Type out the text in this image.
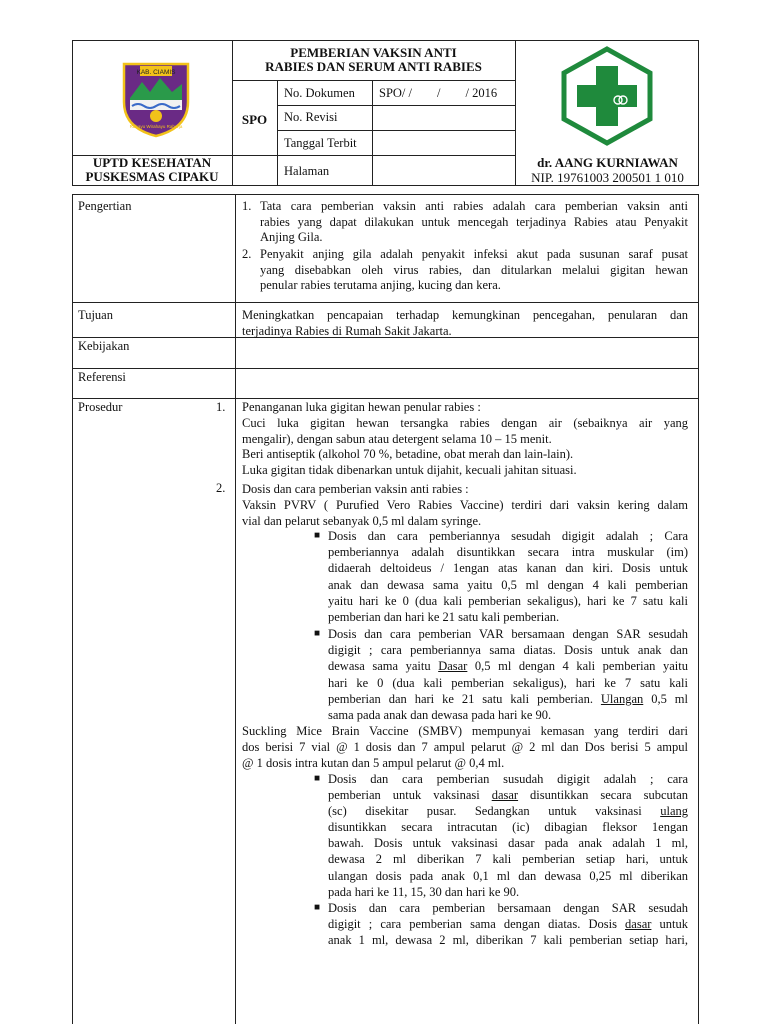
KAB. CIAMIS
Rahayu Wirahayu Raharja
PEMBERIAN VAKSIN ANTI
RABIES DAN SERUM ANTI RABIES
SPO
No. Dokumen SPO/ /        /        / 2016
No. Revisi
Tanggal Terbit
Halaman
UPTD KESEHATAN
PUSKESMAS CIPAKU
dr. AANG KURNIAWAN
NIP. 19761003 200501 1 010
Pengertian	1. Tata cara pemberian vaksin anti rabies adalah cara pemberian vaksin anti
rabies yang dapat dilakukan untuk mencegah terjadinya Rabies atau Penyakit
Anjing Gila.
2. Penyakit anjing gila adalah penyakit infeksi akut pada susunan saraf pusat
yang disebabkan oleh virus rabies, dan ditularkan melalui gigitan hewan
penular rabies terutama anjing, kucing dan kera.
Tujuan	Meningkatkan pencapaian terhadap kemungkinan pencegahan, penularan dan
terjadinya Rabies di Rumah Sakit Jakarta.
Kebijakan
Referensi
Prosedur	1. Penanganan luka gigitan hewan penular rabies :
Cuci luka gigitan hewan tersangka rabies dengan air (sebaiknya air yang
mengalir), dengan sabun atau detergent selama 10 – 15 menit.
Beri antiseptik (alkohol 70 %, betadine, obat merah dan lain-lain).
Luka gigitan tidak dibenarkan untuk dijahit, kecuali jahitan situasi.
2. Dosis dan cara pemberian vaksin anti rabies :
Vaksin PVRV ( Purufied Vero Rabies Vaccine) terdiri dari vaksin kering dalam
vial dan pelarut sebanyak 0,5 ml dalam syringe.
■ Dosis dan cara pemberiannya sesudah digigit adalah ; Cara
pemberiannya adalah disuntikkan secara intra muskular (im)
didaerah deltoideus / 1engan atas kanan dan kiri. Dosis untuk
anak dan dewasa sama yaitu 0,5 ml dengan 4 kali pemberian
yaitu hari ke 0 (dua kali pemberian sekaligus), hari ke 7 satu kali
pemberian dan hari ke 21 satu kali pemberian.
■ Dosis dan cara pemberian VAR bersamaan dengan SAR sesudah
digigit ; cara pemberiannya sama diatas. Dosis untuk anak dan
dewasa sama yaitu Dasar 0,5 ml dengan 4 kali pemberian yaitu
hari ke 0 (dua kali pemberian sekaligus), hari ke 7 satu kali
pemberian dan hari ke 21 satu kali pemberian. Ulangan 0,5 ml
sama pada anak dan dewasa pada hari ke 90.
Suckling Mice Brain Vaccine (SMBV) mempunyai kemasan yang terdiri dari
dos berisi 7 vial @ 1 dosis dan 7 ampul pelarut @ 2 ml dan Dos berisi 5 ampul
@ 1 dosis intra kutan dan 5 ampul pelarut @ 0,4 ml.
■ Dosis dan cara pemberian susudah digigit adalah ; cara
pemberian untuk vaksinasi dasar disuntikkan secara subcutan
(sc) disekitar pusar. Sedangkan untuk vaksinasi ulang
disuntikkan secara intracutan (ic) dibagian fleksor 1engan
bawah. Dosis untuk vaksinasi dasar pada anak adalah 1 ml,
dewasa 2 ml diberikan 7 kali pemberian setiap hari, untuk
ulangan dosis pada anak 0,1 ml dan dewasa 0,25 ml diberikan
pada hari ke 11, 15, 30 dan hari ke 90.
■ Dosis dan cara pemberian bersamaan dengan SAR sesudah
digigit ; cara pemberian sama dengan diatas. Dosis dasar untuk
anak 1 ml, dewasa 2 ml, diberikan 7 kali pemberian setiap hari,
